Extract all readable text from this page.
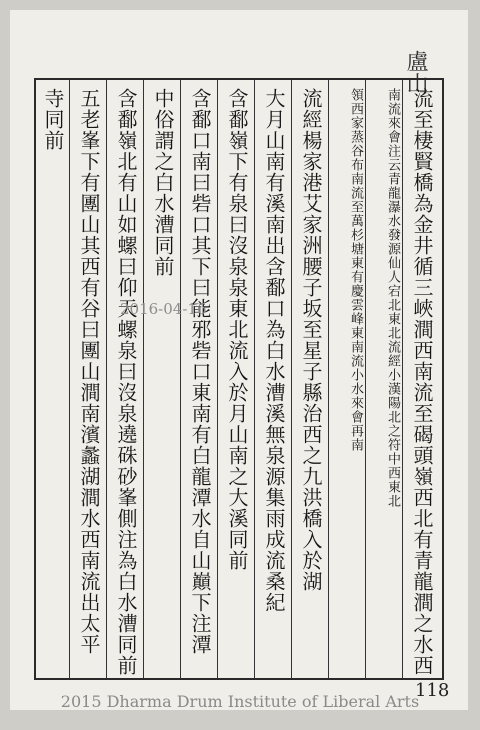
盧山
流至棲賢橋為金井循三峽澗西南流至碣頭嶺西北有青龍澗之水西
南流來會注云青龍瀑水發源仙人宕北東北流經小漢陽北之符中西東北
領西家蒸谷布南流至萬杉塘東有慶雲峰東南流小水來會再南
流經楊家港艾家洲腰子坂至星子縣治西之九洪橋入於湖
大月山南有溪南出含鄱口為白水漕溪無泉源集雨成流桑紀
含鄱嶺下有泉曰沒泉泉東北流入於月山南之大溪同前
含鄱口南曰砦口其下曰能邪砦口東南有白龍潭水自山巔下注潭
中俗謂之白水漕同前
含鄱嶺北有山如螺曰仰天螺泉曰沒泉遶硃砂峯側注為白水漕同前
五老峯下有團山其西有谷曰團山澗南濱蠡湖澗水西南流出太平
寺同前
2016-04-16
118
2015 Dharma Drum Institute of Liberal Arts
